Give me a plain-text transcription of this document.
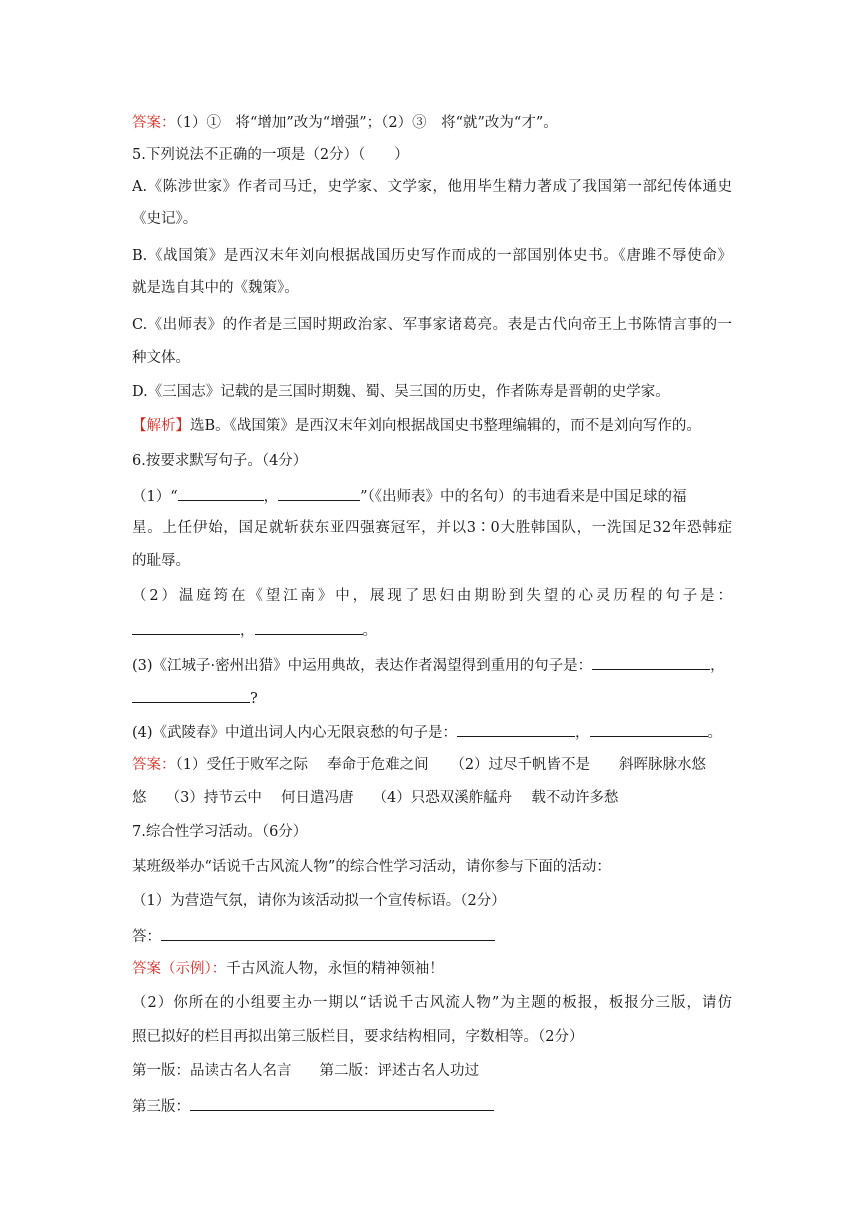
答案：（1）①　将“增加”改为“增强”；（2）③　将“就”改为“才”。
5.下列说法不正确的一项是（2分）（　　）
A.《陈涉世家》作者司马迁，史学家、文学家，他用毕生精力著成了我国第一部纪传体通史
《史记》。
B.《战国策》是西汉末年刘向根据战国历史写作而成的一部国别体史书。《唐雎不辱使命》
就是选自其中的《魏策》。
C.《出师表》的作者是三国时期政治家、军事家诸葛亮。表是古代向帝王上书陈情言事的一
种文体。
D.《三国志》记载的是三国时期魏、蜀、吴三国的历史，作者陈寿是晋朝的史学家。
【解析】选B。《战国策》是西汉末年刘向根据战国史书整理编辑的，而不是刘向写作的。
6.按要求默写句子。（4分）
（1）“	，	”（《出师表》中的名句）的韦迪看来是中国足球的福
星。上任伊始，国足就斩获东亚四强赛冠军，并以3∶0大胜韩国队，一洗国足32年恐韩症
的耻辱。
（2）温庭筠在《望江南》中，展现了思妇由期盼到失望的心灵历程的句子是：
，	。
(3)《江城子·密州出猎》中运用典故，表达作者渴望得到重用的句子是：	，
?
(4)《武陵春》中道出词人内心无限哀愁的句子是：	，	。
答案：（1）受任于败军之际　 奉命于危难之间　　（2）过尽千帆皆不是　　斜晖脉脉水悠
悠　 （3）持节云中　 何日遣冯唐　 （4）只恐双溪舴艋舟　 载不动许多愁
7.综合性学习活动。（6分）
某班级举办“话说千古风流人物”的综合性学习活动，请你参与下面的活动：
（1）为营造气氛，请你为该活动拟一个宣传标语。（2分）
答：
答案（示例）：千古风流人物，永恒的精神领袖！
（2）你所在的小组要主办一期以“话说千古风流人物”为主题的板报，板报分三版，请仿
照已拟好的栏目再拟出第三版栏目，要求结构相同，字数相等。（2分）
第一版：品读古名人名言 第二版：评述古名人功过
第三版：
